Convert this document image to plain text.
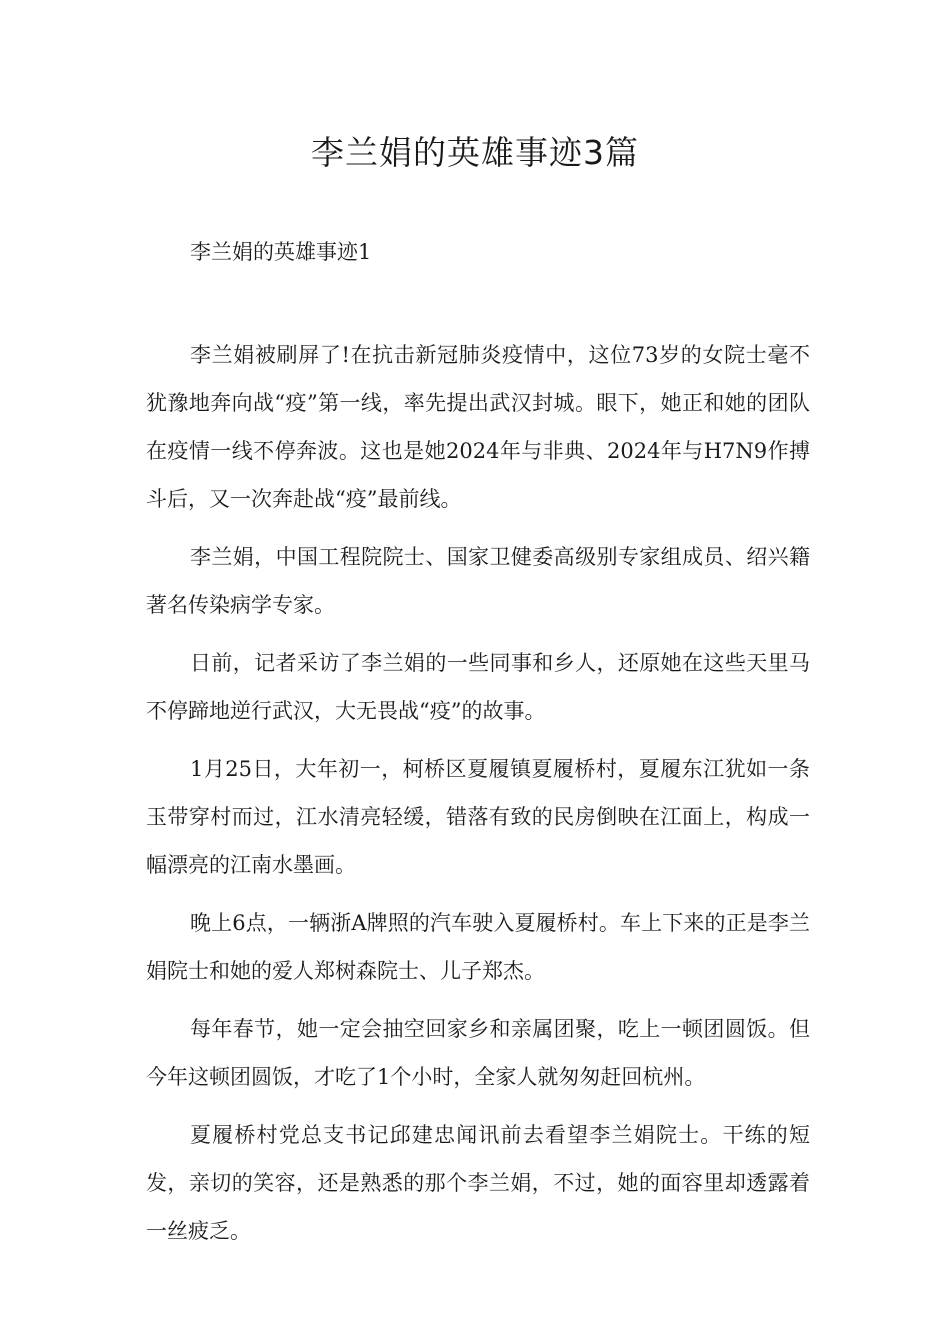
李兰娟的英雄事迹3篇
李兰娟的英雄事迹1

李兰娟被刷屏了!在抗击新冠肺炎疫情中，这位73岁的女院士毫不犹豫地奔向战“疫”第一线，率先提出武汉封城。眼下，她正和她的团队在疫情一线不停奔波。这也是她2024年与非典、2024年与H7N9作搏斗后，又一次奔赴战“疫”最前线。

李兰娟，中国工程院院士、国家卫健委高级别专家组成员、绍兴籍著名传染病学专家。

日前，记者采访了李兰娟的一些同事和乡人，还原她在这些天里马不停蹄地逆行武汉，大无畏战“疫”的故事。

1月25日，大年初一，柯桥区夏履镇夏履桥村，夏履东江犹如一条玉带穿村而过，江水清亮轻缓，错落有致的民房倒映在江面上，构成一幅漂亮的江南水墨画。

晚上6点，一辆浙A牌照的汽车驶入夏履桥村。车上下来的正是李兰娟院士和她的爱人郑树森院士、儿子郑杰。

每年春节，她一定会抽空回家乡和亲属团聚，吃上一顿团圆饭。但今年这顿团圆饭，才吃了1个小时，全家人就匆匆赶回杭州。

夏履桥村党总支书记邱建忠闻讯前去看望李兰娟院士。干练的短发，亲切的笑容，还是熟悉的那个李兰娟，不过，她的面容里却透露着一丝疲乏。
